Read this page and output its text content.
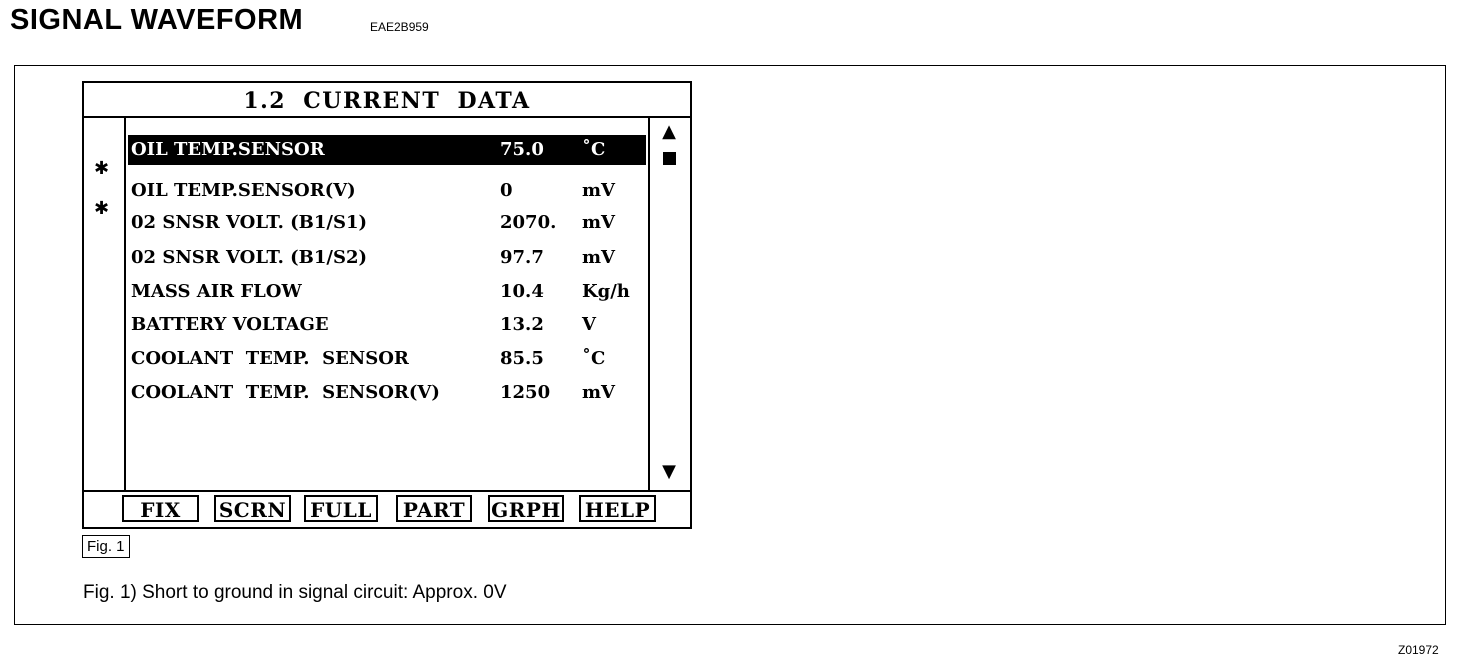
SIGNAL WAVEFORM	EAE2B959
1.2 CURRENT DATA
OIL TEMP.SENSOR	75.0 ˚C
OIL TEMP.SENSOR(V)	0	mV
02 SNSR VOLT. (B1/S1)	2070. mV
02 SNSR VOLT. (B1/S2)	97.7 mV
MASS AIR FLOW	10.4 Kg/h
BATTERY VOLTAGE	13.2 V
COOLANT  TEMP.  SENSOR	85.5 ˚C
COOLANT  TEMP.  SENSOR(V)	1250 mV
✱
✱
▲
▼
FIX	SCRN	FULL	PART	GRPH HELP
Fig. 1
Fig. 1) Short to ground in signal circuit: Approx. 0V
Z01972
